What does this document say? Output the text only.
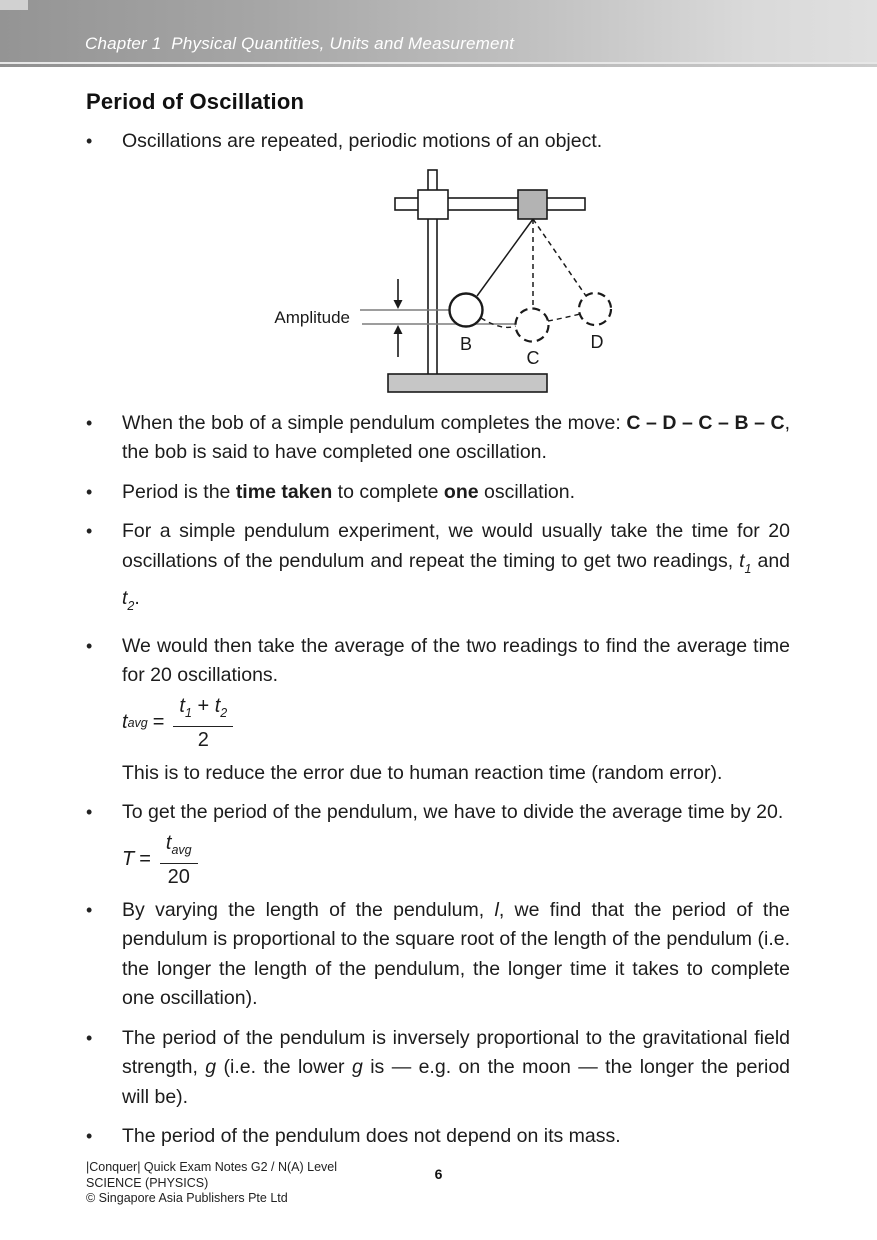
Chapter 1  Physical Quantities, Units and Measurement
Period of Oscillation
•	Oscillations are repeated, periodic motions of an object.
Amplitude
B
C
D
•	When the bob of a simple pendulum completes the move: C – D – C – B – C, the bob is said to have completed one oscillation.
•	Period is the time taken to complete one oscillation.
•	For a simple pendulum experiment, we would usually take the time for 20 oscillations of the pendulum and repeat the timing to get two readings, $t_1$ and $t_2$.
•	We would then take the average of the two readings to find the average time for 20 oscillations.
t avg = $\frac{t_1 + t_2}{2}$
This is to reduce the error due to human reaction time (random error).
•	To get the period of the pendulum, we have to divide the average time by 20.
$T = \frac{t_{avg}}{20}$
•	By varying the length of the pendulum, l, we find that the period of the pendulum is proportional to the square root of the length of the pendulum (i.e. the longer the length of the pendulum, the longer time it takes to complete one oscillation).
•	The period of the pendulum is inversely proportional to the gravitational field strength, g (i.e. the lower g is — e.g. on the moon — the longer the period will be).
•	The period of the pendulum does not depend on its mass.
|Conquer| Quick Exam Notes G2 / N(A) Level
SCIENCE (PHYSICS)
© Singapore Asia Publishers Pte Ltd
6
